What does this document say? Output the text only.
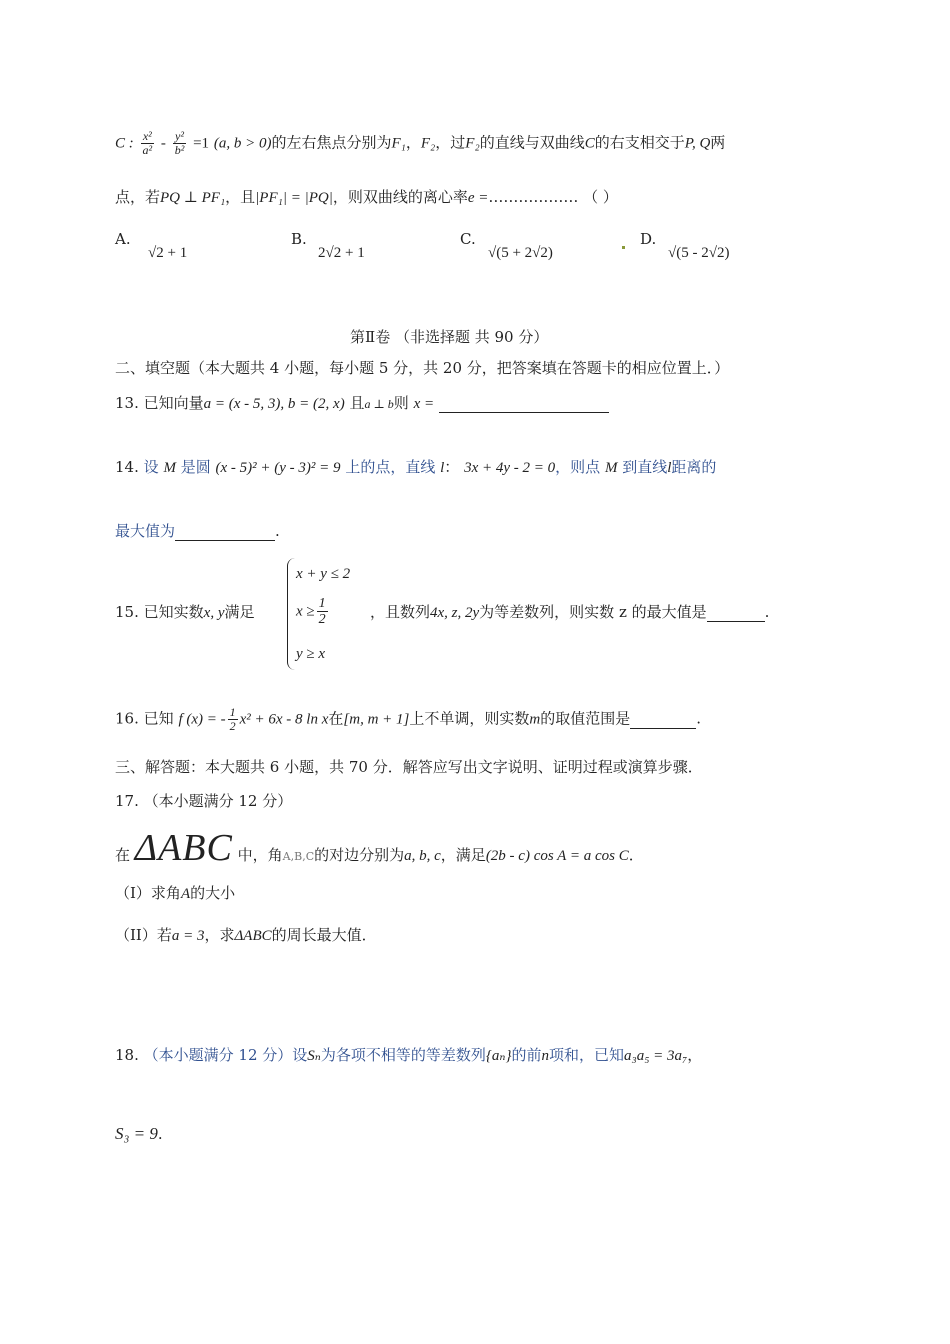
C : $\frac{\text{x²}}{\text{a²}} - \frac{\text{y²}}{\text{b²}} =1$ (a, b > 0)的左右焦点分别为F₁，F₂，过F₂的直线与双曲线C的右支相交于P, Q两
点，若PQ ⊥ PF₁，且|PF₁| = |PQ|，则双曲线的离心率e =……………… （ ）
A.
√2 + 1
B.
2√2 + 1
C.
√(5 + 2√2)
D.
√(5 - 2√2)
第Ⅱ卷 （非选择题 共 90 分）
二、填空题（本大题共 4 小题，每小题 5 分，共 20 分，把答案填在答题卡的相应位置上．）
13. 已知向量a = (x - 5, 3), b = (2, x) 且a ⊥ b则 x =
14. 设 M 是圆 (x - 5)² + (y - 3)² = 9 上的点，直线 l： 3x + 4y - 2 = 0，则点 M 到直线l距离的
最大值为	.
15. 已知实数x, y满足
x + y ≤ 2
$x \ge \frac{1}{2}$
y ≥ x
，且数列4x, z, 2y为等差数列，则实数 z 的最大值是	.
16. 已知 f (x) = - $\frac{1}{2} x^2 + 6x - 8$ ln x在[m, m + 1]上不单调，则实数m的取值范围是	.
三、解答题：本大题共 6 小题，共 70 分．解答应写出文字说明、证明过程或演算步骤．
17. （本小题满分 12 分）
在 ΔABC 中，角A,B,C的对边分别为a, b, c，满足(2b - c) cos A = a cos C．
（I）求角A的大小
（II）若a = 3，求ΔABC的周长最大值．
18. （本小题满分 12 分）设Sₙ为各项不相等的等差数列{aₙ}的前n项和，已知a₃a₅ = 3a₇，
S₃ = 9.
